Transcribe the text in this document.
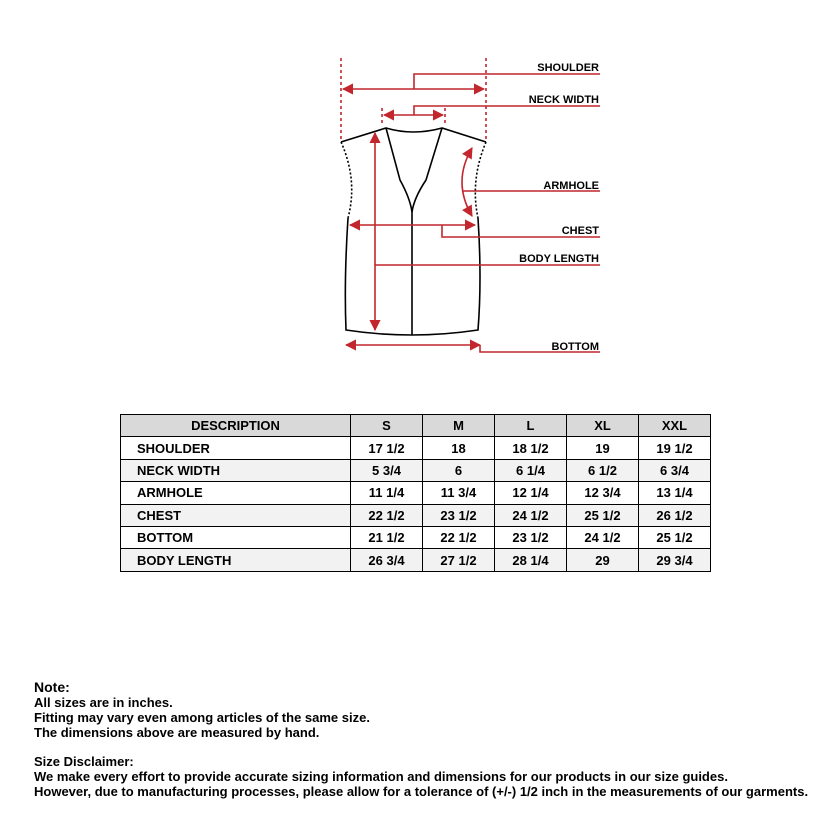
SHOULDER
NECK WIDTH
ARMHOLE
CHEST
BODY LENGTH
BOTTOM
DESCRIPTION	S	M	L	XL	XXL
SHOULDER	17 1/2	18	18 1/2	19	19 1/2
NECK WIDTH	5 3/4	6	6 1/4	6 1/2	6 3/4
ARMHOLE	11 1/4	11 3/4	12 1/4	12 3/4	13 1/4
CHEST	22 1/2	23 1/2	24 1/2	25 1/2	26 1/2
BOTTOM	21 1/2	22 1/2	23 1/2	24 1/2	25 1/2
BODY LENGTH	26 3/4	27 1/2	28 1/4	29	29 3/4
Note:
All sizes are in inches.
Fitting may vary even among articles of the same size.
The dimensions above are measured by hand.
Size Disclaimer:
We make every effort to provide accurate sizing information and dimensions for our products in our size guides.
However, due to manufacturing processes, please allow for a tolerance of (+/-) 1/2 inch in the measurements of our garments.
